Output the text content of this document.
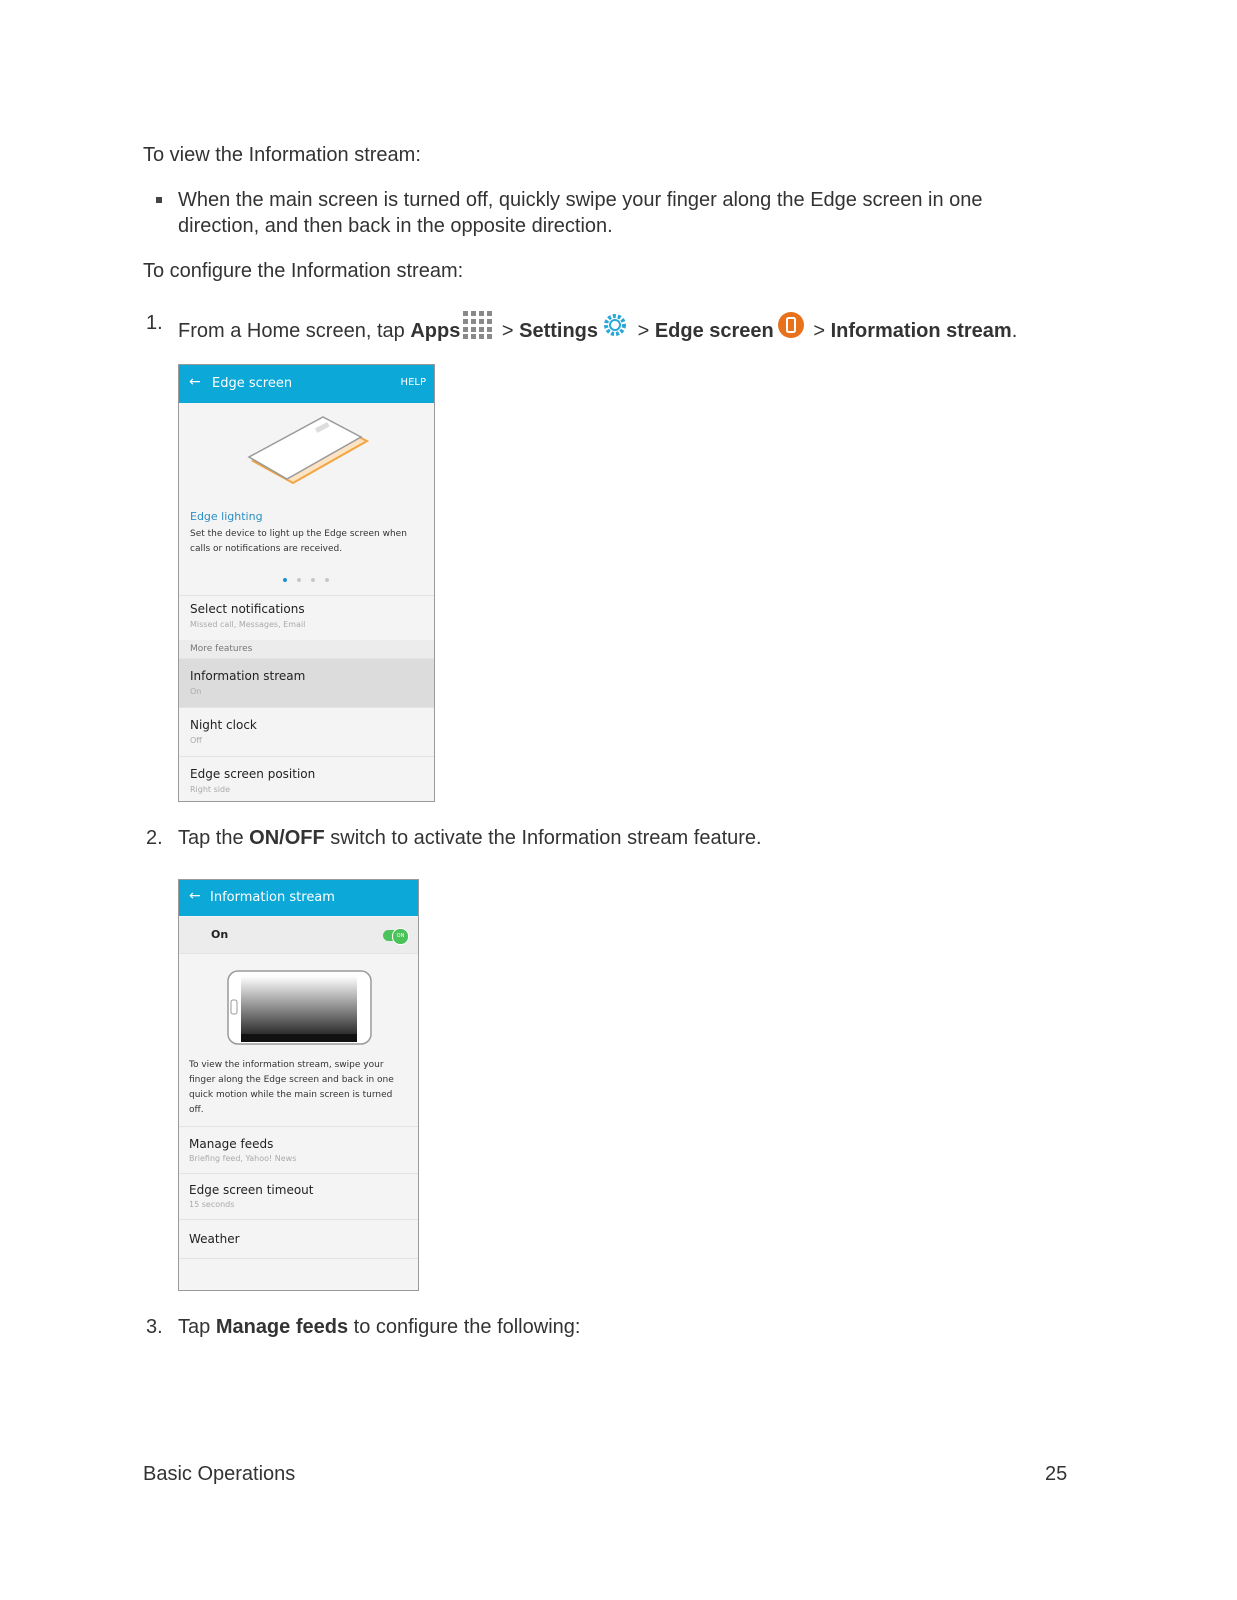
To view the Information stream:

When the main screen is turned off, quickly swipe your finger along the Edge screen in one

direction, and then back in the opposite direction.

To configure the Information stream:

1. From a Home screen, tap Apps > Settings > Edge screen > Information stream.

← Edge screen	HELP
Edge lighting
Set the device to light up the Edge screen when calls or notifications are received.
Select notifications
Missed call, Messages, Email
More features
Information stream
On
Night clock
Off
Edge screen position
Right side
2. Tap the ON/OFF switch to activate the Information stream feature.

← Information stream
On	ON
To view the information stream, swipe your finger along the Edge screen and back in one quick motion while the main screen is turned off.
Manage feeds
Briefing feed, Yahoo! News
Edge screen timeout
15 seconds
Weather
3. Tap Manage feeds to configure the following:

Basic Operations	25
